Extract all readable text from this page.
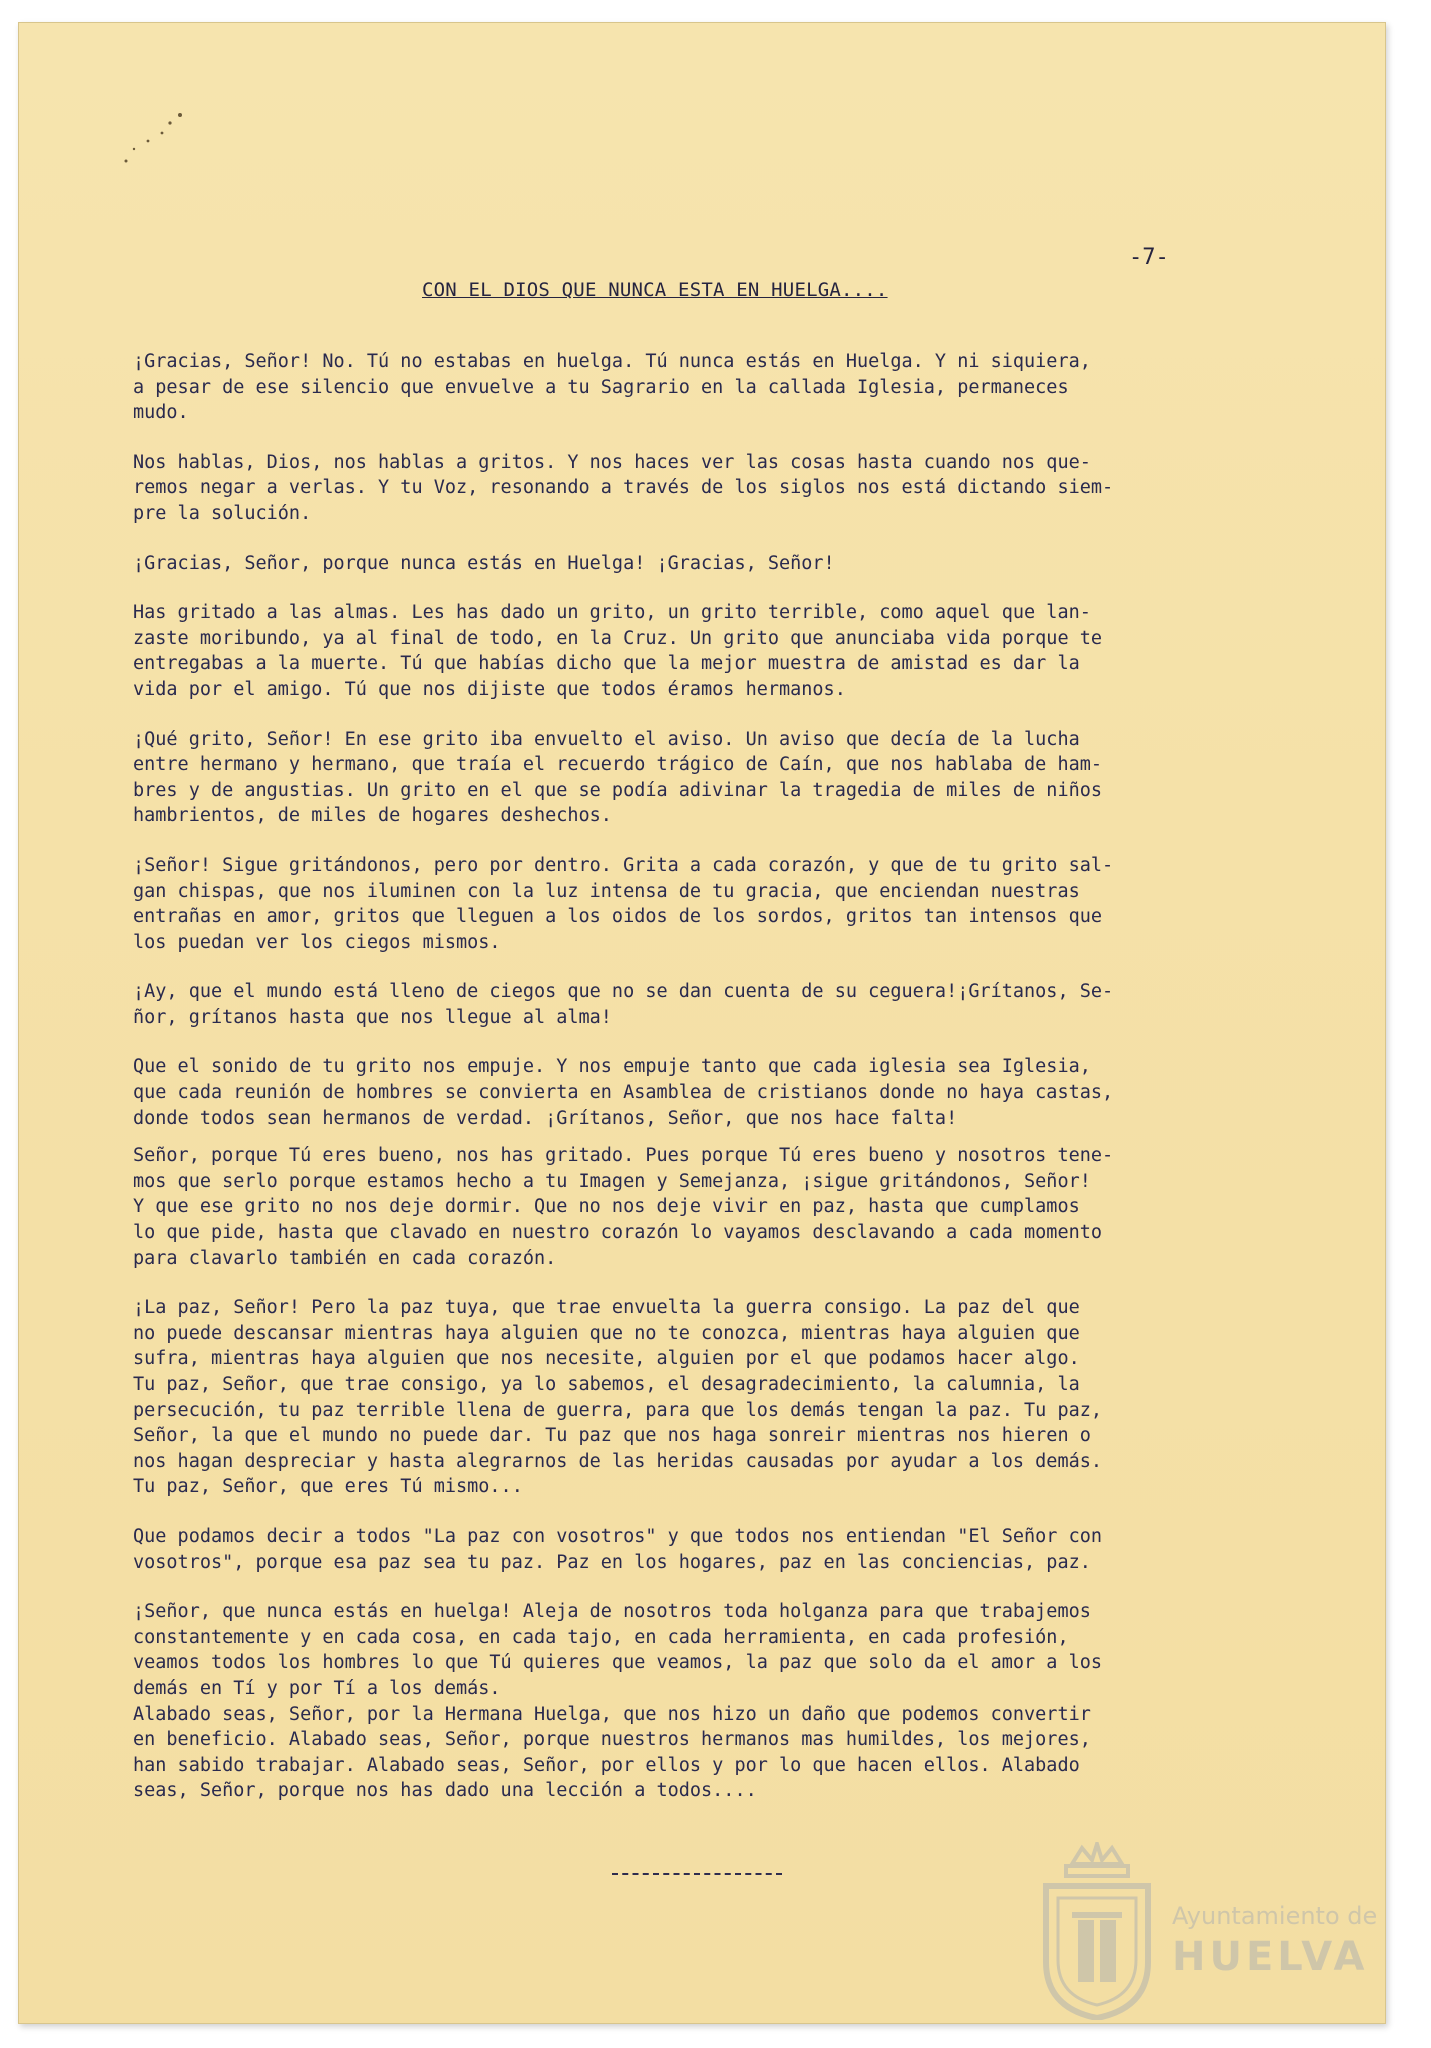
-7-

CON EL DIOS QUE NUNCA ESTA EN HUELGA....

¡Gracias, Señor! No. Tú no estabas en huelga. Tú nunca estás en Huelga. Y ni siquiera,
a pesar de ese silencio que envuelve a tu Sagrario en la callada Iglesia, permaneces
mudo.

Nos hablas, Dios, nos hablas a gritos. Y nos haces ver las cosas hasta cuando nos que-
remos negar a verlas. Y tu Voz, resonando a través de los siglos nos está dictando siem-
pre la solución.

¡Gracias, Señor, porque nunca estás en Huelga! ¡Gracias, Señor!

Has gritado a las almas. Les has dado un grito, un grito terrible, como aquel que lan-
zaste moribundo, ya al final de todo, en la Cruz. Un grito que anunciaba vida porque te
entregabas a la muerte. Tú que habías dicho que la mejor muestra de amistad es dar la
vida por el amigo. Tú que nos dijiste que todos éramos hermanos.

¡Qué grito, Señor! En ese grito iba envuelto el aviso. Un aviso que decía de la lucha
entre hermano y hermano, que traía el recuerdo trágico de Caín, que nos hablaba de ham-
bres y de angustias. Un grito en el que se podía adivinar la tragedia de miles de niños
hambrientos, de miles de hogares deshechos.

¡Señor! Sigue gritándonos, pero por dentro. Grita a cada corazón, y que de tu grito sal-
gan chispas, que nos iluminen con la luz intensa de tu gracia, que enciendan nuestras
entrañas en amor, gritos que lleguen a los oidos de los sordos, gritos tan intensos que
los puedan ver los ciegos mismos.

¡Ay, que el mundo está lleno de ciegos que no se dan cuenta de su ceguera!¡Grítanos, Se-
ñor, grítanos hasta que nos llegue al alma!

Que el sonido de tu grito nos empuje. Y nos empuje tanto que cada iglesia sea Iglesia,
que cada reunión de hombres se convierta en Asamblea de cristianos donde no haya castas,
donde todos sean hermanos de verdad. ¡Grítanos, Señor, que nos hace falta!

Señor, porque Tú eres bueno, nos has gritado. Pues porque Tú eres bueno y nosotros tene-
mos que serlo porque estamos hecho a tu Imagen y Semejanza, ¡sigue gritándonos, Señor!
Y que ese grito no nos deje dormir. Que no nos deje vivir en paz, hasta que cumplamos
lo que pide, hasta que clavado en nuestro corazón lo vayamos desclavando a cada momento
para clavarlo también en cada corazón.

¡La paz, Señor! Pero la paz tuya, que trae envuelta la guerra consigo. La paz del que
no puede descansar mientras haya alguien que no te conozca, mientras haya alguien que
sufra, mientras haya alguien que nos necesite, alguien por el que podamos hacer algo.
Tu paz, Señor, que trae consigo, ya lo sabemos, el desagradecimiento, la calumnia, la
persecución, tu paz terrible llena de guerra, para que los demás tengan la paz. Tu paz,
Señor, la que el mundo no puede dar. Tu paz que nos haga sonreir mientras nos hieren o
nos hagan despreciar y hasta alegrarnos de las heridas causadas por ayudar a los demás.
Tu paz, Señor, que eres Tú mismo...

Que podamos decir a todos "La paz con vosotros" y que todos nos entiendan "El Señor con
vosotros", porque esa paz sea tu paz. Paz en los hogares, paz en las conciencias, paz.

¡Señor, que nunca estás en huelga! Aleja de nosotros toda holganza para que trabajemos
constantemente y en cada cosa, en cada tajo, en cada herramienta, en cada profesión,
veamos todos los hombres lo que Tú quieres que veamos, la paz que solo da el amor a los
demás en Tí y por Tí a los demás.

Alabado seas, Señor, por la Hermana Huelga, que nos hizo un daño que podemos convertir
en beneficio. Alabado seas, Señor, porque nuestros hermanos mas humildes, los mejores,
han sabido trabajar. Alabado seas, Señor, por ellos y por lo que hacen ellos. Alabado
seas, Señor, porque nos has dado una lección a todos....

Ayuntamiento de

HUELVA
